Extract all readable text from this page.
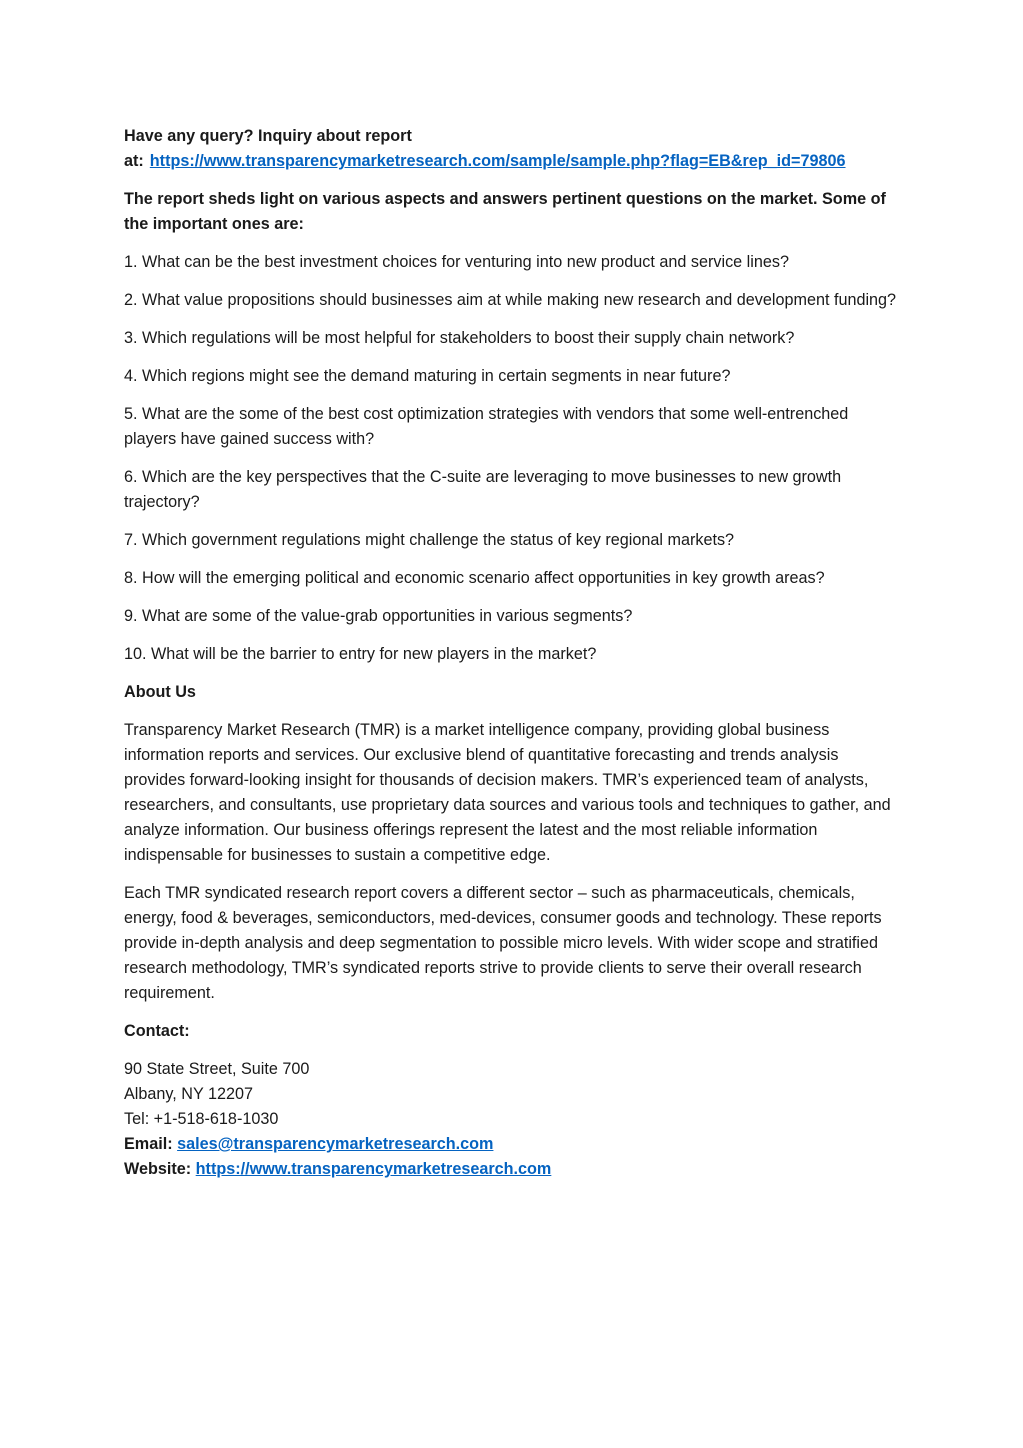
Have any query? Inquiry about report

at: https://www.transparencymarketresearch.com/sample/sample.php?flag=EB&rep_id=79806

The report sheds light on various aspects and answers pertinent questions on the market. Some of the important ones are:

1. What can be the best investment choices for venturing into new product and service lines?

2. What value propositions should businesses aim at while making new research and development funding?

3. Which regulations will be most helpful for stakeholders to boost their supply chain network?

4. Which regions might see the demand maturing in certain segments in near future?

5. What are the some of the best cost optimization strategies with vendors that some well-entrenched players have gained success with?

6. Which are the key perspectives that the C-suite are leveraging to move businesses to new growth trajectory?

7. Which government regulations might challenge the status of key regional markets?

8. How will the emerging political and economic scenario affect opportunities in key growth areas?

9. What are some of the value-grab opportunities in various segments?

10. What will be the barrier to entry for new players in the market?

About Us

Transparency Market Research (TMR) is a market intelligence company, providing global business information reports and services. Our exclusive blend of quantitative forecasting and trends analysis provides forward-looking insight for thousands of decision makers. TMR’s experienced team of analysts, researchers, and consultants, use proprietary data sources and various tools and techniques to gather, and analyze information. Our business offerings represent the latest and the most reliable information indispensable for businesses to sustain a competitive edge.

Each TMR syndicated research report covers a different sector – such as pharmaceuticals, chemicals, energy, food & beverages, semiconductors, med-devices, consumer goods and technology. These reports provide in-depth analysis and deep segmentation to possible micro levels. With wider scope and stratified research methodology, TMR’s syndicated reports strive to provide clients to serve their overall research requirement.

Contact:

90 State Street, Suite 700

Albany, NY 12207

Tel: +1-518-618-1030

Email: sales@transparencymarketresearch.com

Website: https://www.transparencymarketresearch.com
